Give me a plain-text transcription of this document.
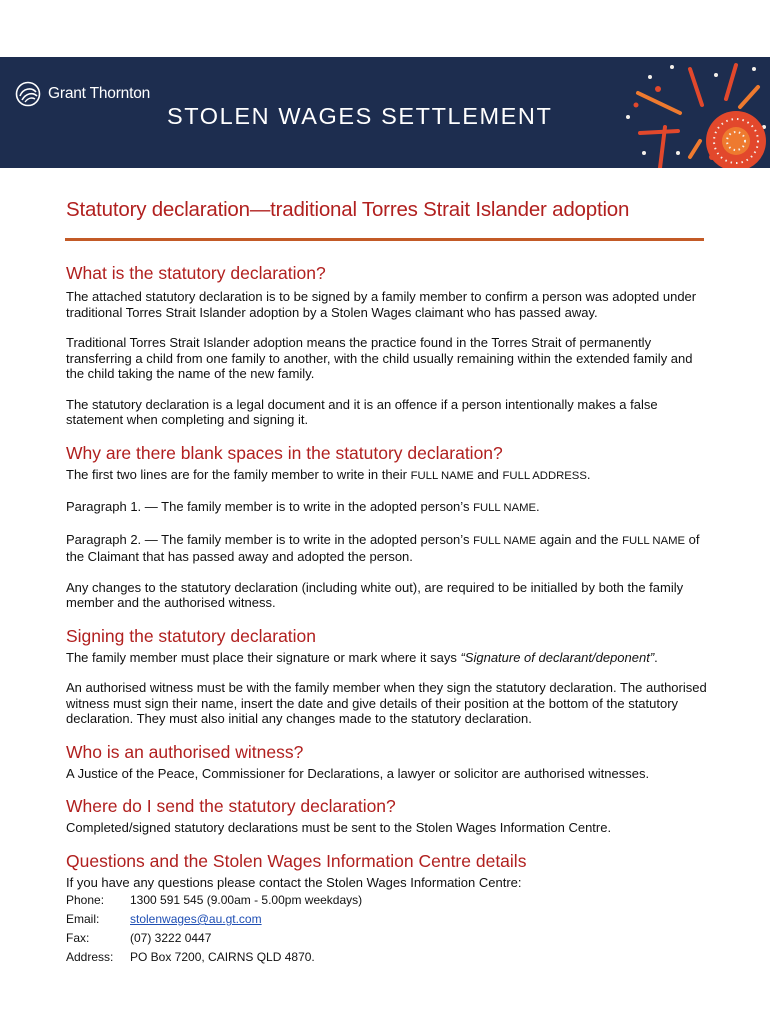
Grant Thornton
STOLEN WAGES SETTLEMENT
Statutory declaration—traditional Torres Strait Islander adoption
What is the statutory declaration?

The attached statutory declaration is to be signed by a family member to confirm a person was adopted under traditional Torres Strait Islander adoption by a Stolen Wages claimant who has passed away.

Traditional Torres Strait Islander adoption means the practice found in the Torres Strait of permanently transferring a child from one family to another, with the child usually remaining within the extended family and the child taking the name of the new family.

The statutory declaration is a legal document and it is an offence if a person intentionally makes a false statement when completing and signing it.

Why are there blank spaces in the statutory declaration?

The first two lines are for the family member to write in their FULL NAME and FULL ADDRESS.

Paragraph 1. — The family member is to write in the adopted person’s FULL NAME.

Paragraph 2. — The family member is to write in the adopted person’s FULL NAME again and the FULL NAME of the Claimant that has passed away and adopted the person.

Any changes to the statutory declaration (including white out), are required to be initialled by both the family member and the authorised witness.

Signing the statutory declaration

The family member must place their signature or mark where it says “Signature of declarant/deponent”.

An authorised witness must be with the family member when they sign the statutory declaration. The authorised witness must sign their name, insert the date and give details of their position at the bottom of the statutory declaration. They must also initial any changes made to the statutory declaration.

Who is an authorised witness?

A Justice of the Peace, Commissioner for Declarations, a lawyer or solicitor are authorised witnesses.

Where do I send the statutory declaration?

Completed/signed statutory declarations must be sent to the Stolen Wages Information Centre.

Questions and the Stolen Wages Information Centre details

If you have any questions please contact the Stolen Wages Information Centre:

Phone:	1300 591 545 (9.00am - 5.00pm weekdays)
Email:	stolenwages@au.gt.com
Fax:	(07) 3222 0447
Address:	PO Box 7200, CAIRNS QLD 4870.
